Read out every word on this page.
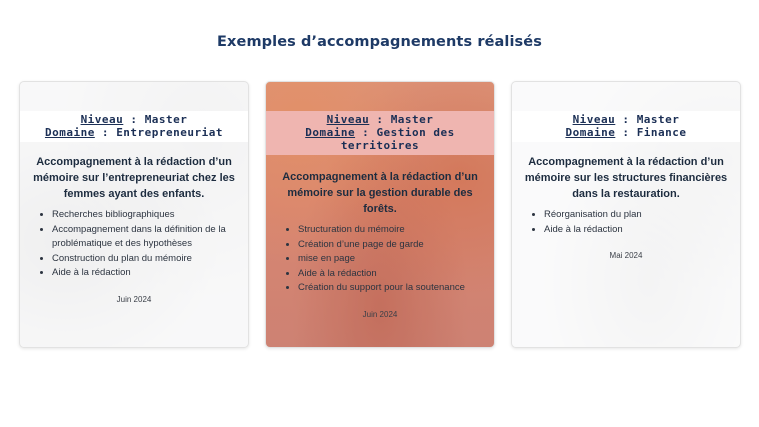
Exemples d’accompagnements réalisés
Niveau : Master
Domaine : Entrepreneuriat
Accompagnement à la rédaction d’un mémoire sur l’entrepreneuriat chez les femmes ayant des enfants.
• Recherches bibliographiques
• Accompagnement dans la définition de la problématique et des hypothèses
• Construction du plan du mémoire
• Aide à la rédaction
Juin 2024
Niveau : Master
Domaine : Gestion des territoires
Accompagnement à la rédaction d’un mémoire sur la gestion durable des forêts.
• Structuration du mémoire
• Création d’une page de garde
• mise en page
• Aide à la rédaction
• Création du support pour la soutenance
Juin 2024
Niveau : Master
Domaine : Finance
Accompagnement à la rédaction d’un mémoire sur les structures financières dans la restauration.
• Réorganisation du plan
• Aide à la rédaction
Mai 2024
